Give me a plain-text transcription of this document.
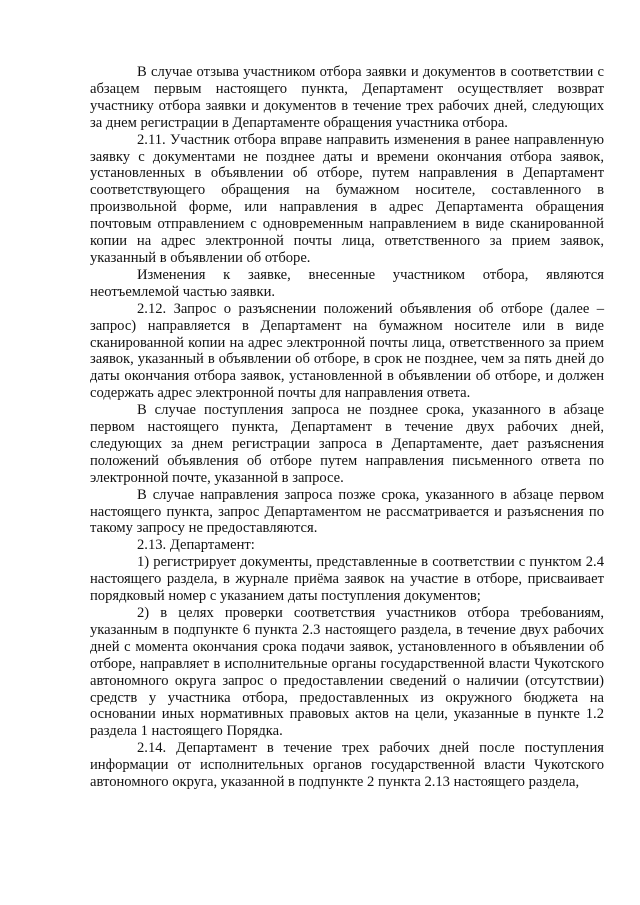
В случае отзыва участником отбора заявки и документов в соответствии с абзацем первым настоящего пункта, Департамент осуществляет возврат участнику отбора заявки и документов в течение трех рабочих дней, следующих за днем регистрации в Департаменте обращения участника отбора.

2.11. Участник отбора вправе направить изменения в ранее направленную заявку с документами не позднее даты и времени окончания отбора заявок, установленных в объявлении об отборе, путем направления в Департамент соответствующего обращения на бумажном носителе, составленного в произвольной форме, или направления в адрес Департамента обращения почтовым отправлением с одновременным направлением в виде сканированной копии на адрес электронной почты лица, ответственного за прием заявок, указанный в объявлении об отборе.

Изменения к заявке, внесенные участником отбора, являются неотъемлемой частью заявки.

2.12. Запрос о разъяснении положений объявления об отборе (далее – запрос) направляется в Департамент на бумажном носителе или в виде сканированной копии на адрес электронной почты лица, ответственного за прием заявок, указанный в объявлении об отборе, в срок не позднее, чем за пять дней до даты окончания отбора заявок, установленной в объявлении об отборе, и должен содержать адрес электронной почты для направления ответа.

В случае поступления запроса не позднее срока, указанного в абзаце первом настоящего пункта, Департамент в течение двух рабочих дней, следующих за днем регистрации запроса в Департаменте, дает разъяснения положений объявления об отборе путем направления письменного ответа по электронной почте, указанной в запросе.

В случае направления запроса позже срока, указанного в абзаце первом настоящего пункта, запрос Департаментом не рассматривается и разъяснения по такому запросу не предоставляются.

2.13. Департамент:

1) регистрирует документы, представленные в соответствии с пунктом 2.4 настоящего раздела, в журнале приёма заявок на участие в отборе, присваивает порядковый номер с указанием даты поступления документов;

2) в целях проверки соответствия участников отбора требованиям, указанным в подпункте 6 пункта 2.3 настоящего раздела, в течение двух рабочих дней с момента окончания срока подачи заявок, установленного в объявлении об отборе, направляет в исполнительные органы государственной власти Чукотского автономного округа запрос о предоставлении сведений о наличии (отсутствии) средств у участника отбора, предоставленных из окружного бюджета на основании иных нормативных правовых актов на цели, указанные в пункте 1.2 раздела 1 настоящего Порядка.

2.14. Департамент в течение трех рабочих дней после поступления информации от исполнительных органов государственной власти Чукотского автономного округа, указанной в подпункте 2 пункта 2.13 настоящего раздела,
